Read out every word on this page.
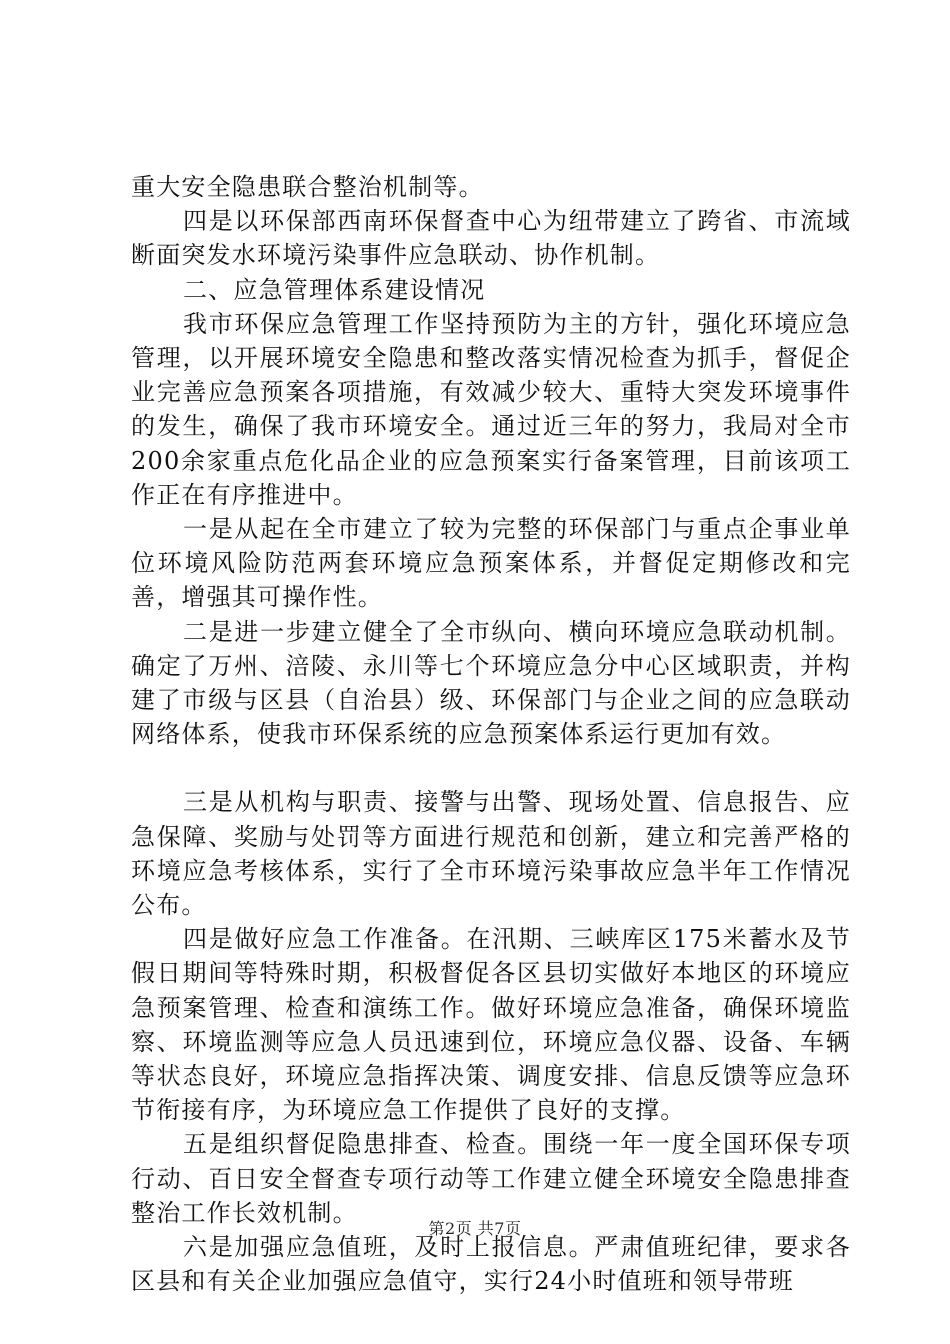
重大安全隐患联合整治机制等。

四是以环保部西南环保督查中心为纽带建立了跨省、市流域断面突发水环境污染事件应急联动、协作机制。

二、应急管理体系建设情况

我市环保应急管理工作坚持预防为主的方针，强化环境应急管理，以开展环境安全隐患和整改落实情况检查为抓手，督促企业完善应急预案各项措施，有效减少较大、重特大突发环境事件的发生，确保了我市环境安全。通过近三年的努力，我局对全市200余家重点危化品企业的应急预案实行备案管理，目前该项工作正在有序推进中。

一是从起在全市建立了较为完整的环保部门与重点企事业单位环境风险防范两套环境应急预案体系，并督促定期修改和完善，增强其可操作性。

二是进一步建立健全了全市纵向、横向环境应急联动机制。确定了万州、涪陵、永川等七个环境应急分中心区域职责，并构建了市级与区县（自治县）级、环保部门与企业之间的应急联动网络体系，使我市环保系统的应急预案体系运行更加有效。

三是从机构与职责、接警与出警、现场处置、信息报告、应急保障、奖励与处罚等方面进行规范和创新，建立和完善严格的环境应急考核体系，实行了全市环境污染事故应急半年工作情况公布。

四是做好应急工作准备。在汛期、三峡库区175米蓄水及节假日期间等特殊时期，积极督促各区县切实做好本地区的环境应急预案管理、检查和演练工作。做好环境应急准备，确保环境监察、环境监测等应急人员迅速到位，环境应急仪器、设备、车辆等状态良好，环境应急指挥决策、调度安排、信息反馈等应急环节衔接有序，为环境应急工作提供了良好的支撑。

五是组织督促隐患排查、检查。围绕一年一度全国环保专项行动、百日安全督查专项行动等工作建立健全环境安全隐患排查整治工作长效机制。

六是加强应急值班，及时上报信息。严肃值班纪律，要求各区县和有关企业加强应急值守，实行24小时值班和领导带班

第2页 共7页
